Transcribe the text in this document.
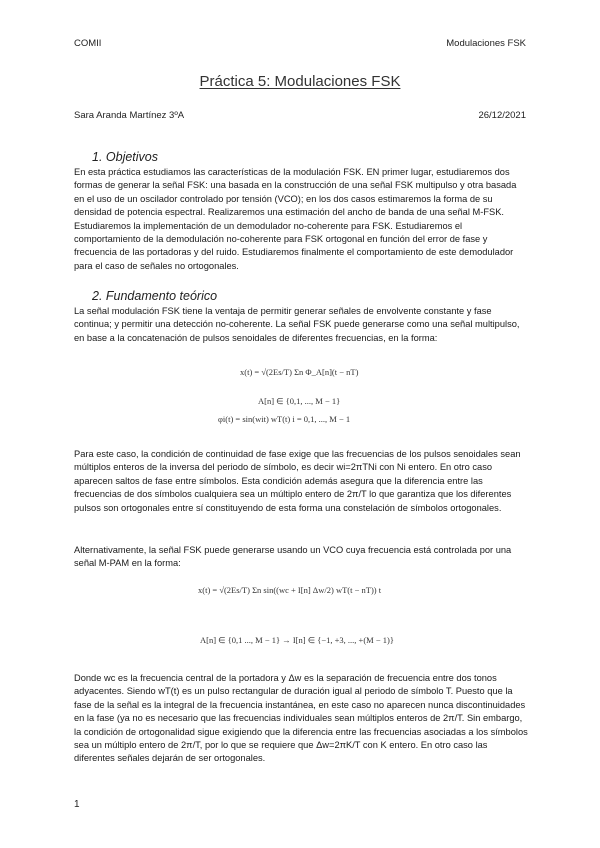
COMII	Modulaciones FSK
Práctica 5: Modulaciones FSK
Sara Aranda Martínez 3ºA	26/12/2021
1. Objetivos
En esta práctica estudiamos las características de la modulación FSK. EN primer lugar, estudiaremos dos formas de generar la señal FSK: una basada en la construcción de una señal FSK multipulso y otra basada en el uso de un oscilador controlado por tensión (VCO); en los dos casos estimaremos la forma de su densidad de potencia espectral. Realizaremos una estimación del ancho de banda de una señal M-FSK. Estudiaremos la implementación de un demodulador no-coherente para FSK. Estudiaremos el comportamiento de la demodulación no-coherente para FSK ortogonal en función del error de fase y frecuencia de las portadoras y del ruido. Estudiaremos finalmente el comportamiento de este demodulador para el caso de señales no ortogonales.
2. Fundamento teórico
La señal modulación FSK tiene la ventaja de permitir generar señales de envolvente constante y fase continua; y permitir una detección no-coherente. La señal FSK puede generarse como una señal multipulso, en base a la concatenación de pulsos senoidales de diferentes frecuencias, en la forma:
x(t) = √(2Es/T) Σn Φ_A[n](t − nT)
A[n] ∈ {0,1, ..., M − 1}
φi(t) = sin(wit) wT(t) i = 0,1, ..., M − 1
Para este caso, la condición de continuidad de fase exige que las frecuencias de los pulsos senoidales sean múltiplos enteros de la inversa del periodo de símbolo, es decir wi=2πTNi con Ni entero. En otro caso aparecen saltos de fase entre símbolos. Esta condición además asegura que la diferencia entre las frecuencias de dos símbolos cualquiera sea un múltiplo entero de 2π/T lo que garantiza que los diferentes pulsos son ortogonales entre sí constituyendo de esta forma una constelación de símbolos ortogonales.
Alternativamente, la señal FSK puede generarse usando un VCO cuya frecuencia está controlada por una señal M-PAM en la forma:
x(t) = √(2Es/T) Σn sin((wc + I[n] Δw/2) wT(t − nT)) t
A[n] ∈ {0,1 ..., M − 1} → I[n] ∈ {−1, +3, ..., +(M − 1)}
Donde wc es la frecuencia central de la portadora y Δw es la separación de frecuencia entre dos tonos adyacentes. Siendo wT(t) es un pulso rectangular de duración igual al periodo de símbolo T. Puesto que la fase de la señal es la integral de la frecuencia instantánea, en este caso no aparecen nunca discontinuidades en la fase (ya no es necesario que las frecuencias individuales sean múltiplos enteros de 2π/T. Sin embargo, la condición de ortogonalidad sigue exigiendo que la diferencia entre las frecuencias asociadas a los símbolos sea un múltiplo entero de 2π/T, por lo que se requiere que Δw=2πK/T con K entero. En otro caso las diferentes señales dejarán de ser ortogonales.
1
